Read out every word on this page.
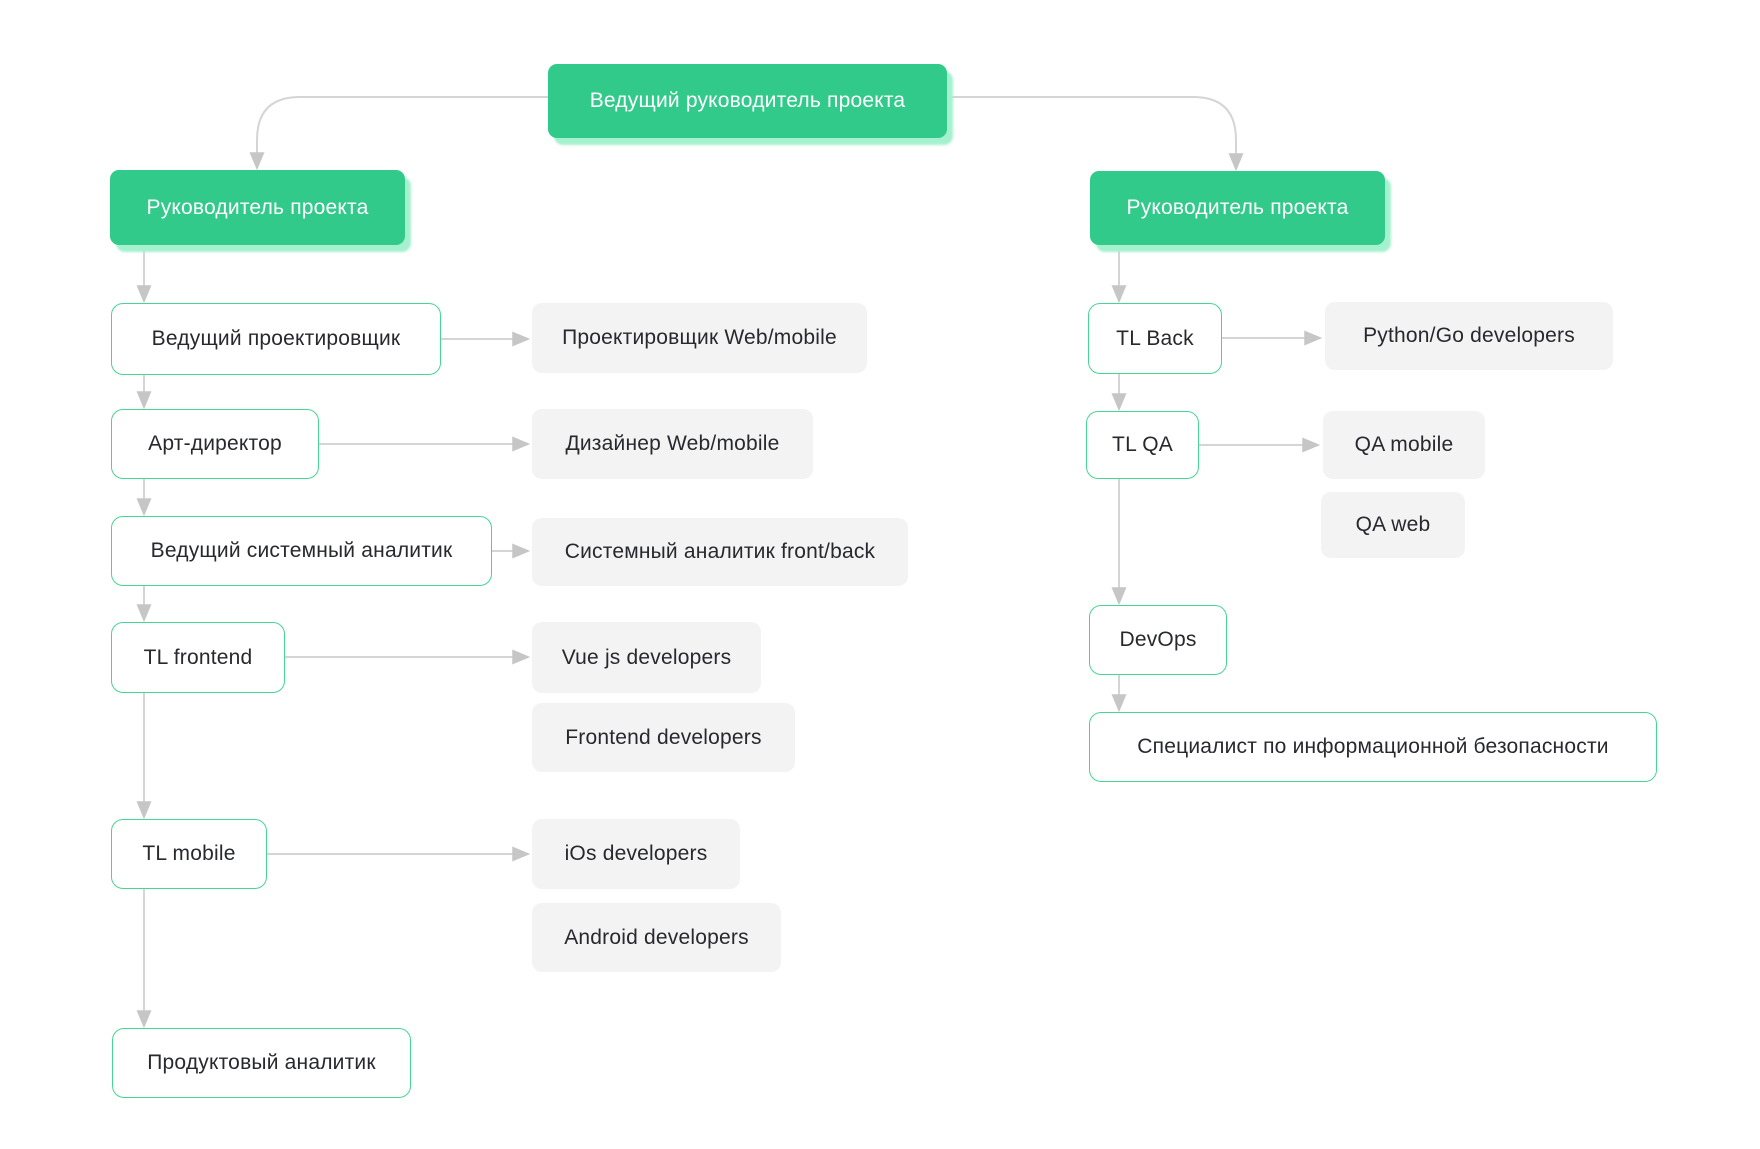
Ведущий руководитель проекта
Руководитель проекта	Руководитель проекта
Ведущий проектировщик	Проектировщик Web/mobile
Арт-директор	Дизайнер Web/mobile
Ведущий системный аналитик	Системный аналитик front/back
TL frontend	Vue js developers
Frontend developers
TL mobile	iOs developers
Android developers
Продуктовый аналитик
TL Back	Python/Go developers
TL QA	QA mobile
QA web
DevOps
Специалист по информационной безопасности
